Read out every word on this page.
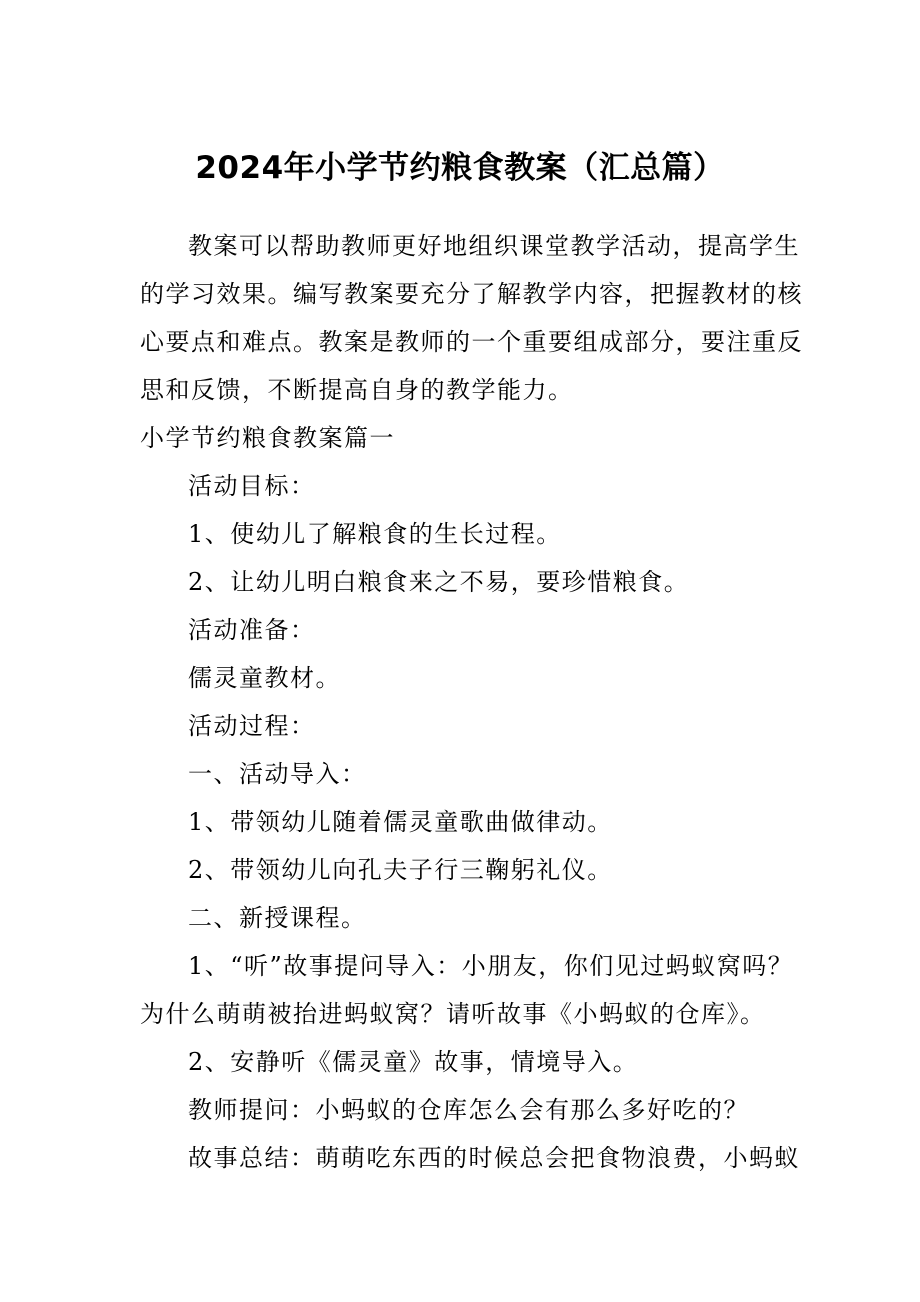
2024年小学节约粮食教案（汇总篇）

教案可以帮助教师更好地组织课堂教学活动，提高学生

的学习效果。编写教案要充分了解教学内容，把握教材的核

心要点和难点。教案是教师的一个重要组成部分，要注重反

思和反馈，不断提高自身的教学能力。

小学节约粮食教案篇一

活动目标：

1、使幼儿了解粮食的生长过程。

2、让幼儿明白粮食来之不易，要珍惜粮食。

活动准备：

儒灵童教材。

活动过程：

一、活动导入：

1、带领幼儿随着儒灵童歌曲做律动。

2、带领幼儿向孔夫子行三鞠躬礼仪。

二、新授课程。

1、“听”故事提问导入：小朋友，你们见过蚂蚁窝吗？

为什么萌萌被抬进蚂蚁窝？请听故事《小蚂蚁的仓库》。

2、安静听《儒灵童》故事，情境导入。

教师提问：小蚂蚁的仓库怎么会有那么多好吃的？

故事总结：萌萌吃东西的时候总会把食物浪费，小蚂蚁
